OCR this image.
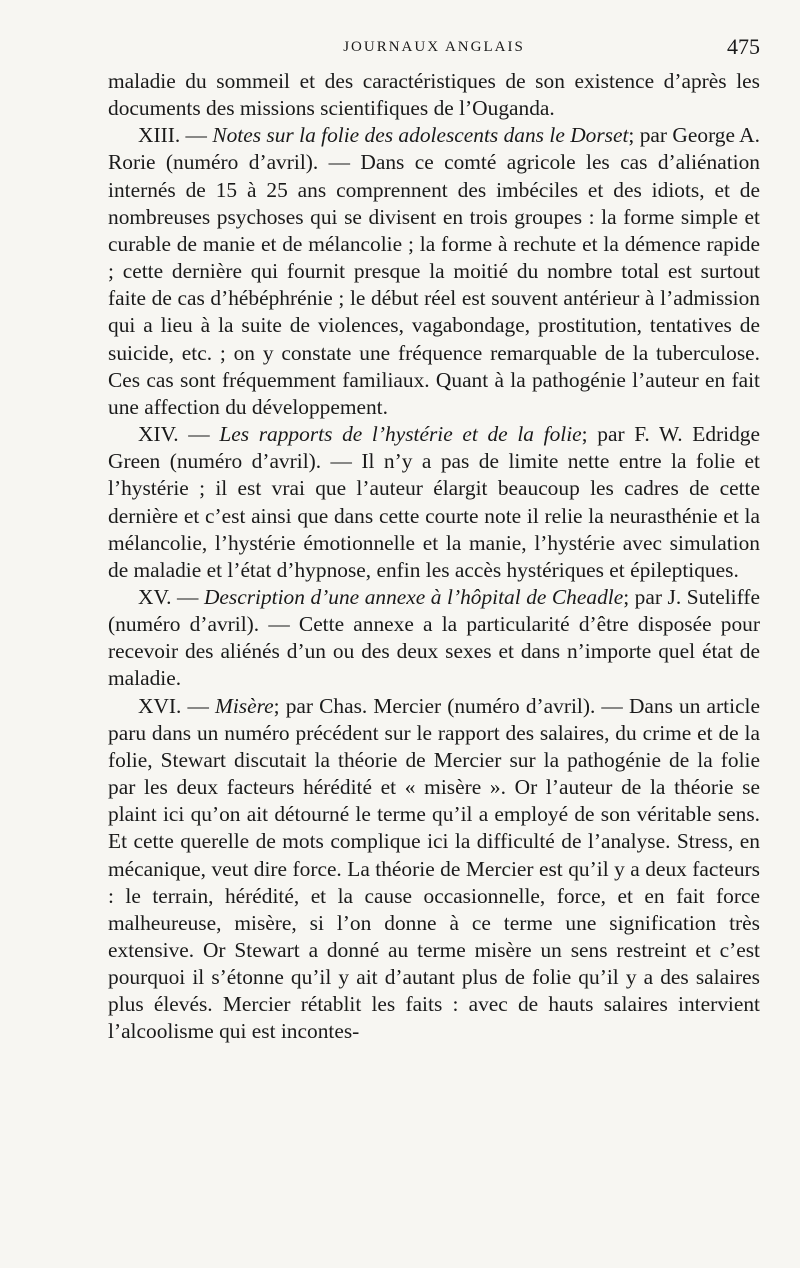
JOURNAUX ANGLAIS	475

maladie du sommeil et des caractéristiques de son existence d’après les documents des missions scientifiques de l’Ouganda.

XIII. — Notes sur la folie des adolescents dans le Dorset; par George A. Rorie (numéro d’avril). — Dans ce comté agricole les cas d’aliénation internés de 15 à 25 ans comprennent des imbéciles et des idiots, et de nombreuses psychoses qui se divisent en trois groupes : la forme simple et curable de manie et de mélancolie ; la forme à rechute et la démence rapide ; cette dernière qui fournit presque la moitié du nombre total est surtout faite de cas d’hébéphrénie ; le début réel est souvent antérieur à l’admission qui a lieu à la suite de violences, vagabondage, prostitution, tentatives de suicide, etc. ; on y constate une fréquence remarquable de la tuberculose. Ces cas sont fréquemment familiaux. Quant à la pathogénie l’auteur en fait une affection du développement.

XIV. — Les rapports de l’hystérie et de la folie; par F. W. Edridge Green (numéro d’avril). — Il n’y a pas de limite nette entre la folie et l’hystérie ; il est vrai que l’auteur élargit beaucoup les cadres de cette dernière et c’est ainsi que dans cette courte note il relie la neurasthénie et la mélancolie, l’hystérie émotionnelle et la manie, l’hystérie avec simulation de maladie et l’état d’hypnose, enfin les accès hystériques et épileptiques.

XV. — Description d’une annexe à l’hôpital de Cheadle; par J. Suteliffe (numéro d’avril). — Cette annexe a la particularité d’être disposée pour recevoir des aliénés d’un ou des deux sexes et dans n’importe quel état de maladie.

XVI. — Misère; par Chas. Mercier (numéro d’avril). — Dans un article paru dans un numéro précédent sur le rapport des salaires, du crime et de la folie, Stewart discutait la théorie de Mercier sur la pathogénie de la folie par les deux facteurs hérédité et « misère ». Or l’auteur de la théorie se plaint ici qu’on ait détourné le terme qu’il a employé de son véritable sens. Et cette querelle de mots complique ici la difficulté de l’analyse. Stress, en mécanique, veut dire force. La théorie de Mercier est qu’il y a deux facteurs : le terrain, hérédité, et la cause occasionnelle, force, et en fait force malheureuse, misère, si l’on donne à ce terme une signification très extensive. Or Stewart a donné au terme misère un sens restreint et c’est pourquoi il s’étonne qu’il y ait d’autant plus de folie qu’il y a des salaires plus élevés. Mercier rétablit les faits : avec de hauts salaires intervient l’alcoolisme qui est incontes-
